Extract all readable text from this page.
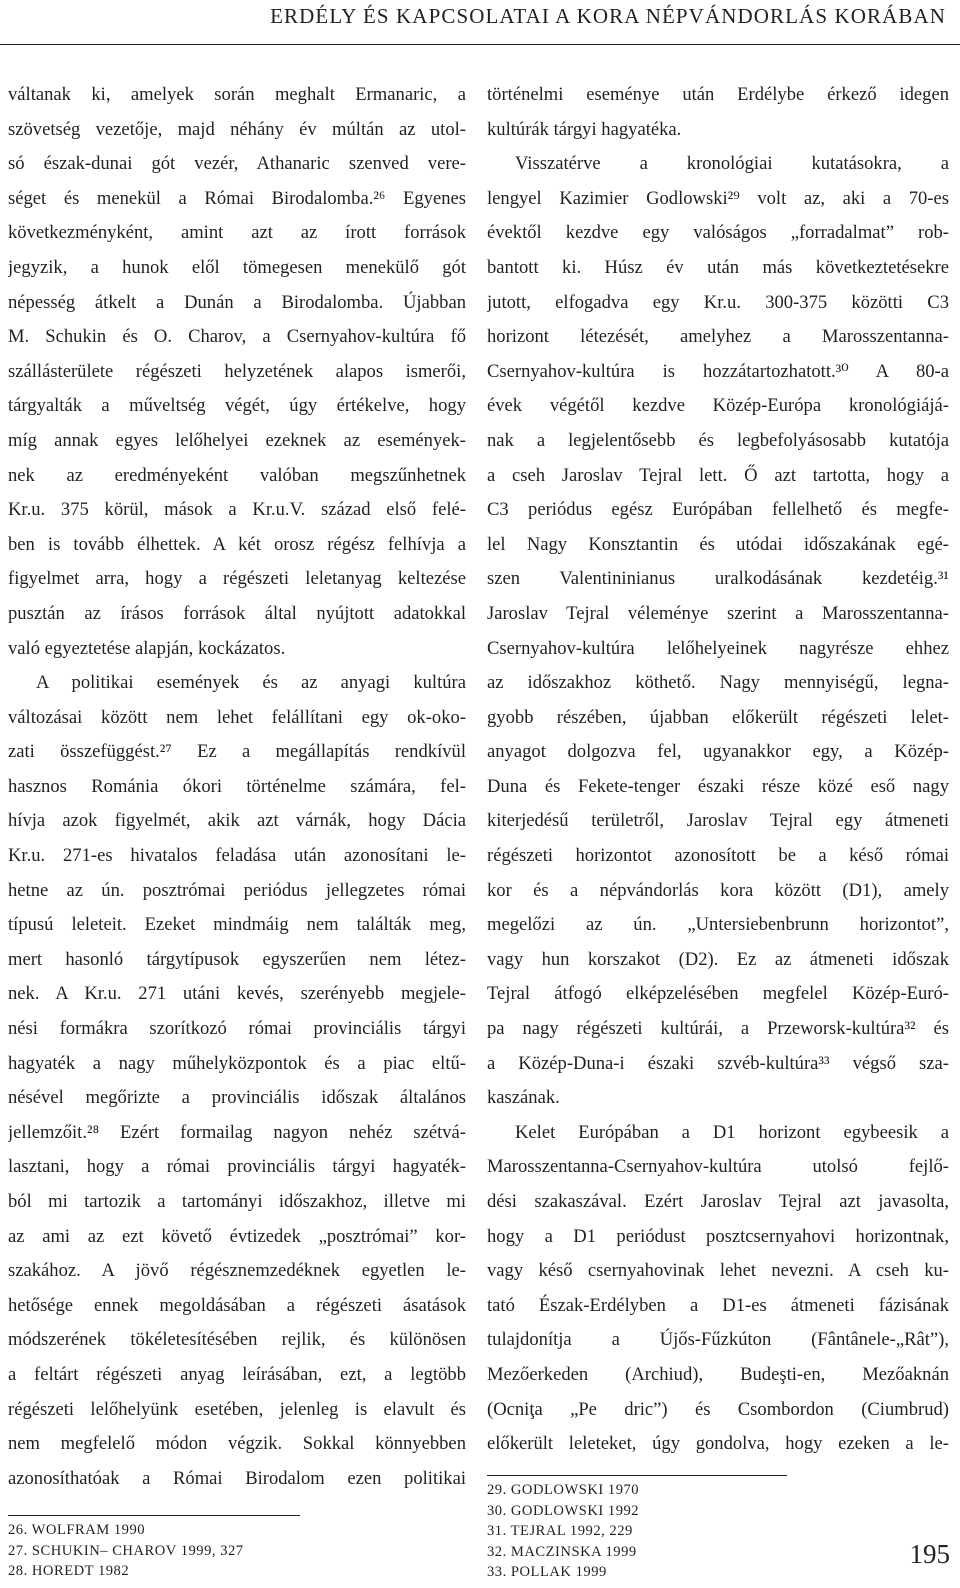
ERDÉLY ÉS KAPCSOLATAI A KORA NÉPVÁNDORLÁS KORÁBAN
váltanak ki, amelyek során meghalt Ermanaric, a
szövetség vezetője, majd néhány év múltán az utol-
só észak-dunai gót vezér, Athanaric szenved vere-
séget és menekül a Római Birodalomba.²⁶ Egyenes
következményként, amint azt az írott források
jegyzik, a hunok elől tömegesen menekülő gót
népesség átkelt a Dunán a Birodalomba. Újabban
M. Schukin és O. Charov, a Csernyahov-kultúra fő
szállásterülete régészeti helyzetének alapos ismerői,
tárgyalták a műveltség végét, úgy értékelve, hogy
míg annak egyes lelőhelyei ezeknek az események-
nek az eredményeként valóban megszűnhetnek
Kr.u. 375 körül, mások a Kr.u.V. század első felé-
ben is tovább élhettek. A két orosz régész felhívja a
figyelmet arra, hogy a régészeti leletanyag keltezése
pusztán az írásos források által nyújtott adatokkal
való egyeztetése alapján, kockázatos.
A politikai események és az anyagi kultúra
változásai között nem lehet felállítani egy ok-oko-
zati összefüggést.²⁷ Ez a megállapítás rendkívül
hasznos Románia ókori történelme számára, fel-
hívja azok figyelmét, akik azt várnák, hogy Dácia
Kr.u. 271-es hivatalos feladása után azonosítani le-
hetne az ún. posztrómai periódus jellegzetes római
típusú leleteit. Ezeket mindmáig nem találták meg,
mert hasonló tárgytípusok egyszerűen nem létez-
nek. A Kr.u. 271 utáni kevés, szerényebb megjele-
nési formákra szorítkozó római provinciális tárgyi
hagyaték a nagy műhelyközpontok és a piac eltű-
nésével megőrizte a provinciális időszak általános
jellemzőit.²⁸ Ezért formailag nagyon nehéz szétvá-
lasztani, hogy a római provinciális tárgyi hagyaték-
ból mi tartozik a tartományi időszakhoz, illetve mi
az ami az ezt követő évtizedek „posztrómai” kor-
szakához. A jövő régésznemzedéknek egyetlen le-
hetősége ennek megoldásában a régészeti ásatások
módszerének tökéletesítésében rejlik, és különösen
a feltárt régészeti anyag leírásában, ezt, a legtöbb
régészeti lelőhelyünk esetében, jelenleg is elavult és
nem megfelelő módon végzik. Sokkal könnyebben
azonosíthatóak a Római Birodalom ezen politikai
történelmi eseménye után Erdélybe érkező idegen
kultúrák tárgyi hagyatéka.
Visszatérve a kronológiai kutatásokra, a
lengyel Kazimier Godlowski²⁹ volt az, aki a 70-es
évektől kezdve egy valóságos „forradalmat” rob-
bantott ki. Húsz év után más következtetésekre
jutott, elfogadva egy Kr.u. 300-375 közötti C3
horizont létezését, amelyhez a Marosszentanna-
Csernyahov-kultúra is hozzátartozhatott.³⁰ A 80-a
évek végétől kezdve Közép-Európa kronológiájá-
nak a legjelentősebb és legbefolyásosabb kutatója
a cseh Jaroslav Tejral lett. Ő azt tartotta, hogy a
C3 periódus egész Európában fellelhető és megfe-
lel Nagy Konsztantin és utódai időszakának egé-
szen Valentininianus uralkodásának kezdetéig.³¹
Jaroslav Tejral véleménye szerint a Marosszentanna-
Csernyahov-kultúra lelőhelyeinek nagyrésze ehhez
az időszakhoz köthető. Nagy mennyiségű, legna-
gyobb részében, újabban előkerült régészeti lelet-
anyagot dolgozva fel, ugyanakkor egy, a Közép-
Duna és Fekete-tenger északi része közé eső nagy
kiterjedésű területről, Jaroslav Tejral egy átmeneti
régészeti horizontot azonosított be a késő római
kor és a népvándorlás kora között (D1), amely
megelőzi az ún. „Untersiebenbrunn horizontot”,
vagy hun korszakot (D2). Ez az átmeneti időszak
Tejral átfogó elképzelésében megfelel Közép-Euró-
pa nagy régészeti kultúrái, a Przeworsk-kultúra³² és
a Közép-Duna-i északi szvéb-kultúra³³ végső sza-
kaszának.
Kelet Európában a D1 horizont egybeesik a
Marosszentanna-Csernyahov-kultúra utolsó fejlő-
dési szakaszával. Ezért Jaroslav Tejral azt javasolta,
hogy a D1 periódust posztcsernyahovi horizontnak,
vagy késő csernyahovinak lehet nevezni. A cseh ku-
tató Észak-Erdélyben a D1-es átmeneti fázisának
tulajdonítja a Újős-Fűzkúton (Fântânele-„Rât”),
Mezőerkeden (Archiud), Budeşti-en, Mezőaknán
(Ocniţa „Pe dric”) és Csombordon (Ciumbrud)
előkerült leleteket, úgy gondolva, hogy ezeken a le-
26. WOLFRAM 1990
27. SCHUKIN– CHAROV 1999, 327
28. HOREDT 1982
29. GODLOWSKI 1970
30. GODLOWSKI 1992
31. TEJRAL 1992, 229
32. MACZINSKA 1999
33. POLLAK 1999
195
